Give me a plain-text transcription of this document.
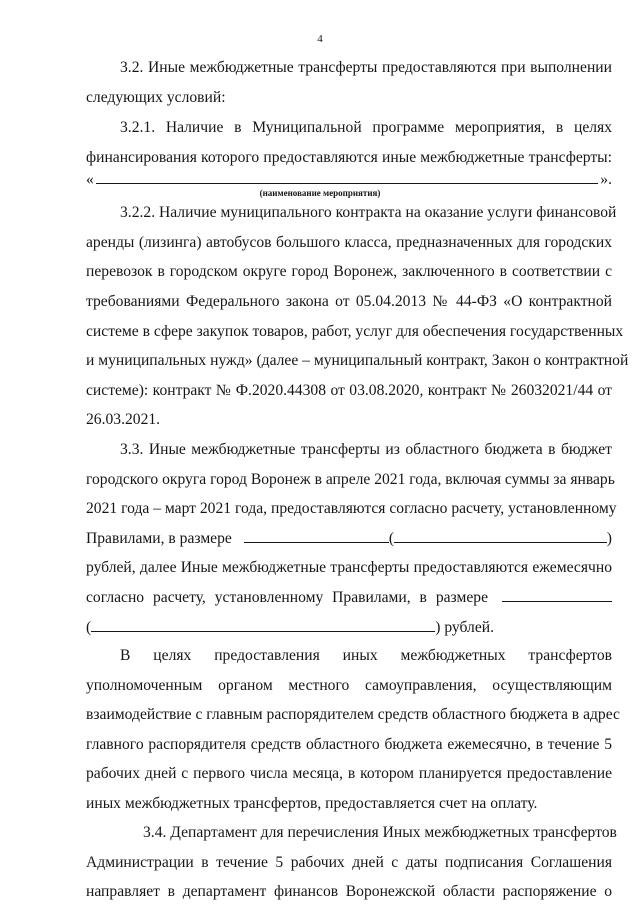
4
3.2. Иные межбюджетные трансферты предоставляются при выполнении
следующих условий:
3.2.1. Наличие в Муниципальной программе мероприятия, в целях
финансирования которого предоставляются иные межбюджетные трансферты:
«	».
(наименование мероприятия)
3.2.2. Наличие муниципального контракта на оказание услуги финансовой
аренды (лизинга) автобусов большого класса, предназначенных для городских
перевозок в городском округе город Воронеж, заключенного в соответствии с
требованиями Федерального закона от 05.04.2013 № 44-ФЗ «О контрактной
системе в сфере закупок товаров, работ, услуг для обеспечения государственных
и муниципальных нужд» (далее – муниципальный контракт, Закон о контрактной
системе): контракт № Ф.2020.44308 от 03.08.2020, контракт № 26032021/44 от
26.03.2021.
3.3. Иные межбюджетные трансферты из областного бюджета в бюджет
городского округа город Воронеж в апреле 2021 года, включая суммы за январь
2021 года – март 2021 года, предоставляются согласно расчету, установленному
Правилами, в размере	(	)
рублей, далее Иные межбюджетные трансферты предоставляются ежемесячно
согласно расчету, установленному Правилами, в размере
(	) рублей.
В целях предоставления иных межбюджетных трансфертов
уполномоченным органом местного самоуправления, осуществляющим
взаимодействие с главным распорядителем средств областного бюджета в адрес
главного распорядителя средств областного бюджета ежемесячно, в течение 5
рабочих дней с первого числа месяца, в котором планируется предоставление
иных межбюджетных трансфертов, предоставляется счет на оплату.
3.4. Департамент для перечисления Иных межбюджетных трансфертов
Администрации в течение 5 рабочих дней с даты подписания Соглашения
направляет в департамент финансов Воронежской области распоряжение о
